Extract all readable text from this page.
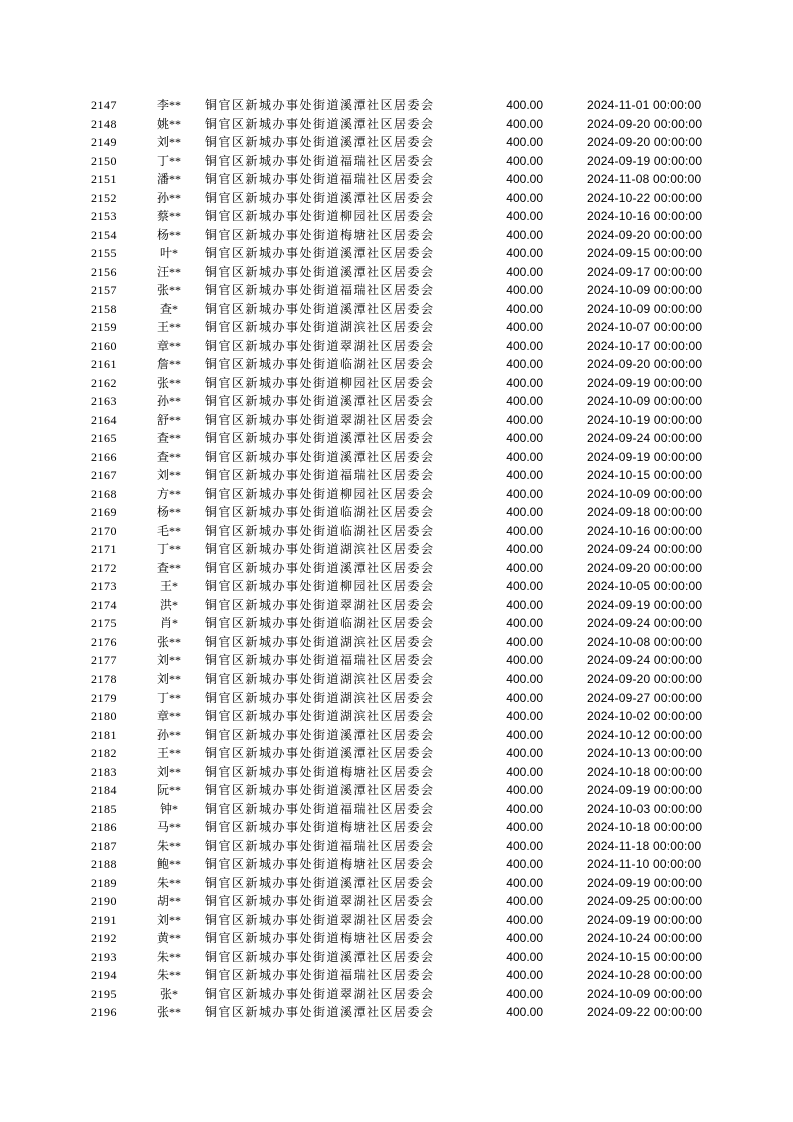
2147	李**	铜官区新城办事处街道溪潭社区居委会	400.00	2024-11-01 00:00:00
2148	姚**	铜官区新城办事处街道溪潭社区居委会	400.00	2024-09-20 00:00:00
2149	刘**	铜官区新城办事处街道溪潭社区居委会	400.00	2024-09-20 00:00:00
2150	丁**	铜官区新城办事处街道福瑞社区居委会	400.00	2024-09-19 00:00:00
2151	潘**	铜官区新城办事处街道福瑞社区居委会	400.00	2024-11-08 00:00:00
2152	孙**	铜官区新城办事处街道溪潭社区居委会	400.00	2024-10-22 00:00:00
2153	蔡**	铜官区新城办事处街道柳园社区居委会	400.00	2024-10-16 00:00:00
2154	杨**	铜官区新城办事处街道梅塘社区居委会	400.00	2024-09-20 00:00:00
2155	叶*	铜官区新城办事处街道溪潭社区居委会	400.00	2024-09-15 00:00:00
2156	汪**	铜官区新城办事处街道溪潭社区居委会	400.00	2024-09-17 00:00:00
2157	张**	铜官区新城办事处街道福瑞社区居委会	400.00	2024-10-09 00:00:00
2158	查*	铜官区新城办事处街道溪潭社区居委会	400.00	2024-10-09 00:00:00
2159	王**	铜官区新城办事处街道湖滨社区居委会	400.00	2024-10-07 00:00:00
2160	章**	铜官区新城办事处街道翠湖社区居委会	400.00	2024-10-17 00:00:00
2161	詹**	铜官区新城办事处街道临湖社区居委会	400.00	2024-09-20 00:00:00
2162	张**	铜官区新城办事处街道柳园社区居委会	400.00	2024-09-19 00:00:00
2163	孙**	铜官区新城办事处街道溪潭社区居委会	400.00	2024-10-09 00:00:00
2164	舒**	铜官区新城办事处街道翠湖社区居委会	400.00	2024-10-19 00:00:00
2165	查**	铜官区新城办事处街道溪潭社区居委会	400.00	2024-09-24 00:00:00
2166	查**	铜官区新城办事处街道溪潭社区居委会	400.00	2024-09-19 00:00:00
2167	刘**	铜官区新城办事处街道福瑞社区居委会	400.00	2024-10-15 00:00:00
2168	方**	铜官区新城办事处街道柳园社区居委会	400.00	2024-10-09 00:00:00
2169	杨**	铜官区新城办事处街道临湖社区居委会	400.00	2024-09-18 00:00:00
2170	毛**	铜官区新城办事处街道临湖社区居委会	400.00	2024-10-16 00:00:00
2171	丁**	铜官区新城办事处街道湖滨社区居委会	400.00	2024-09-24 00:00:00
2172	查**	铜官区新城办事处街道溪潭社区居委会	400.00	2024-09-20 00:00:00
2173	王*	铜官区新城办事处街道柳园社区居委会	400.00	2024-10-05 00:00:00
2174	洪*	铜官区新城办事处街道翠湖社区居委会	400.00	2024-09-19 00:00:00
2175	肖*	铜官区新城办事处街道临湖社区居委会	400.00	2024-09-24 00:00:00
2176	张**	铜官区新城办事处街道湖滨社区居委会	400.00	2024-10-08 00:00:00
2177	刘**	铜官区新城办事处街道福瑞社区居委会	400.00	2024-09-24 00:00:00
2178	刘**	铜官区新城办事处街道湖滨社区居委会	400.00	2024-09-20 00:00:00
2179	丁**	铜官区新城办事处街道湖滨社区居委会	400.00	2024-09-27 00:00:00
2180	章**	铜官区新城办事处街道湖滨社区居委会	400.00	2024-10-02 00:00:00
2181	孙**	铜官区新城办事处街道溪潭社区居委会	400.00	2024-10-12 00:00:00
2182	王**	铜官区新城办事处街道溪潭社区居委会	400.00	2024-10-13 00:00:00
2183	刘**	铜官区新城办事处街道梅塘社区居委会	400.00	2024-10-18 00:00:00
2184	阮**	铜官区新城办事处街道溪潭社区居委会	400.00	2024-09-19 00:00:00
2185	钟*	铜官区新城办事处街道福瑞社区居委会	400.00	2024-10-03 00:00:00
2186	马**	铜官区新城办事处街道梅塘社区居委会	400.00	2024-10-18 00:00:00
2187	朱**	铜官区新城办事处街道福瑞社区居委会	400.00	2024-11-18 00:00:00
2188	鲍**	铜官区新城办事处街道梅塘社区居委会	400.00	2024-11-10 00:00:00
2189	朱**	铜官区新城办事处街道溪潭社区居委会	400.00	2024-09-19 00:00:00
2190	胡**	铜官区新城办事处街道翠湖社区居委会	400.00	2024-09-25 00:00:00
2191	刘**	铜官区新城办事处街道翠湖社区居委会	400.00	2024-09-19 00:00:00
2192	黄**	铜官区新城办事处街道梅塘社区居委会	400.00	2024-10-24 00:00:00
2193	朱**	铜官区新城办事处街道溪潭社区居委会	400.00	2024-10-15 00:00:00
2194	朱**	铜官区新城办事处街道福瑞社区居委会	400.00	2024-10-28 00:00:00
2195	张*	铜官区新城办事处街道翠湖社区居委会	400.00	2024-10-09 00:00:00
2196	张**	铜官区新城办事处街道溪潭社区居委会	400.00	2024-09-22 00:00:00
